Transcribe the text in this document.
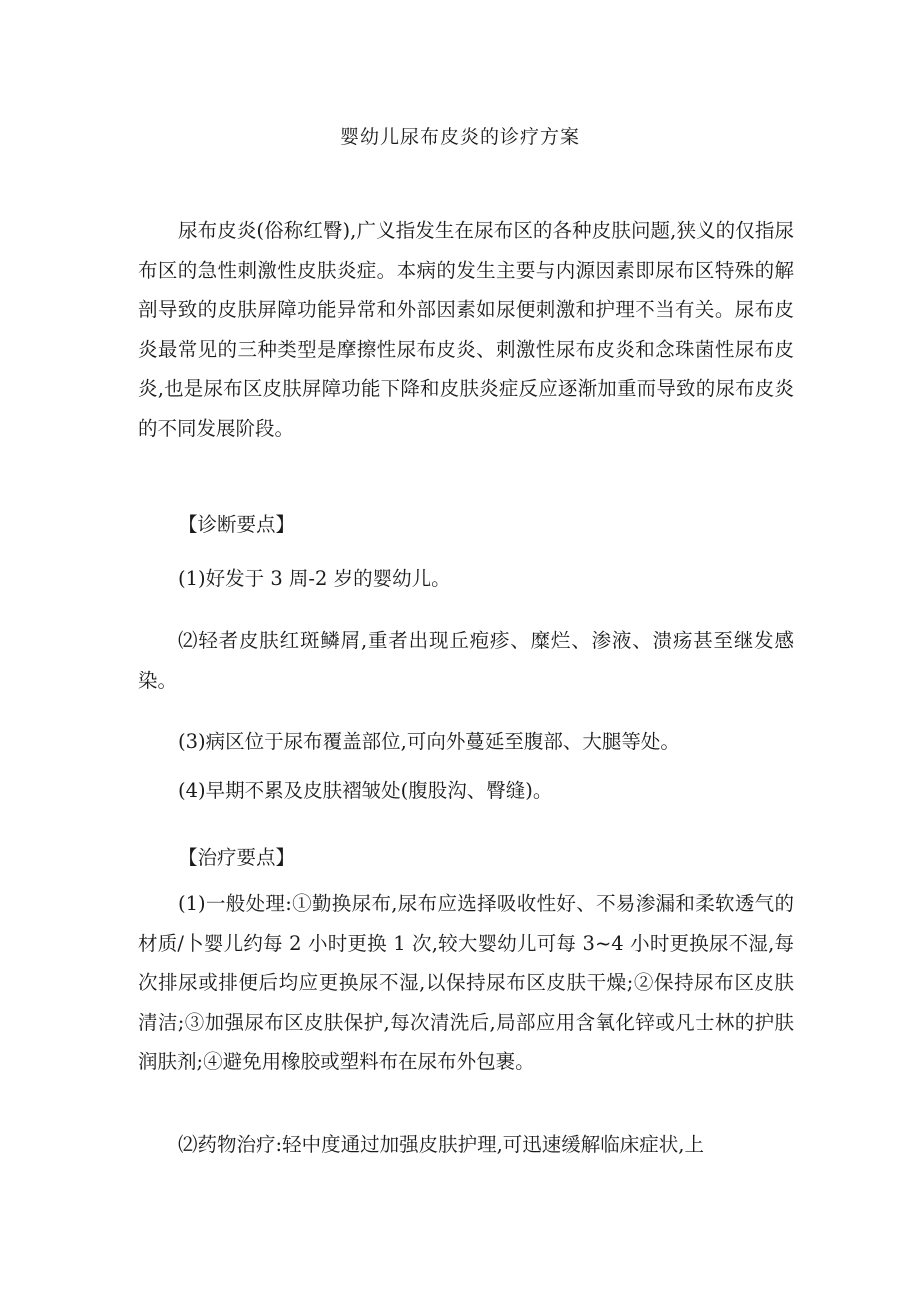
婴幼儿尿布皮炎的诊疗方案

尿布皮炎(俗称红臀),广义指发生在尿布区的各种皮肤问题,狭义的仅指尿布区的急性刺激性皮肤炎症。本病的发生主要与内源因素即尿布区特殊的解剖导致的皮肤屏障功能异常和外部因素如尿便刺激和护理不当有关。尿布皮炎最常见的三种类型是摩擦性尿布皮炎、刺激性尿布皮炎和念珠菌性尿布皮炎,也是尿布区皮肤屏障功能下降和皮肤炎症反应逐渐加重而导致的尿布皮炎的不同发展阶段。

【诊断要点】

(1)好发于 3 周-2 岁的婴幼儿。

⑵轻者皮肤红斑鳞屑,重者出现丘疱疹、糜烂、渗液、溃疡甚至继发感染。

(3)病区位于尿布覆盖部位,可向外蔓延至腹部、大腿等处。

(4)早期不累及皮肤褶皱处(腹股沟、臀缝)。

【治疗要点】

(1)一般处理:①勤换尿布,尿布应选择吸收性好、不易渗漏和柔软透气的材质/卜婴儿约每 2 小时更换 1 次,较大婴幼儿可每 3~4 小时更换尿不湿,每次排尿或排便后均应更换尿不湿,以保持尿布区皮肤干燥;②保持尿布区皮肤清洁;③加强尿布区皮肤保护,每次清洗后,局部应用含氧化锌或凡士林的护肤润肤剂;④避免用橡胶或塑料布在尿布外包裹。

⑵药物治疗:轻中度通过加强皮肤护理,可迅速缓解临床症状,上
